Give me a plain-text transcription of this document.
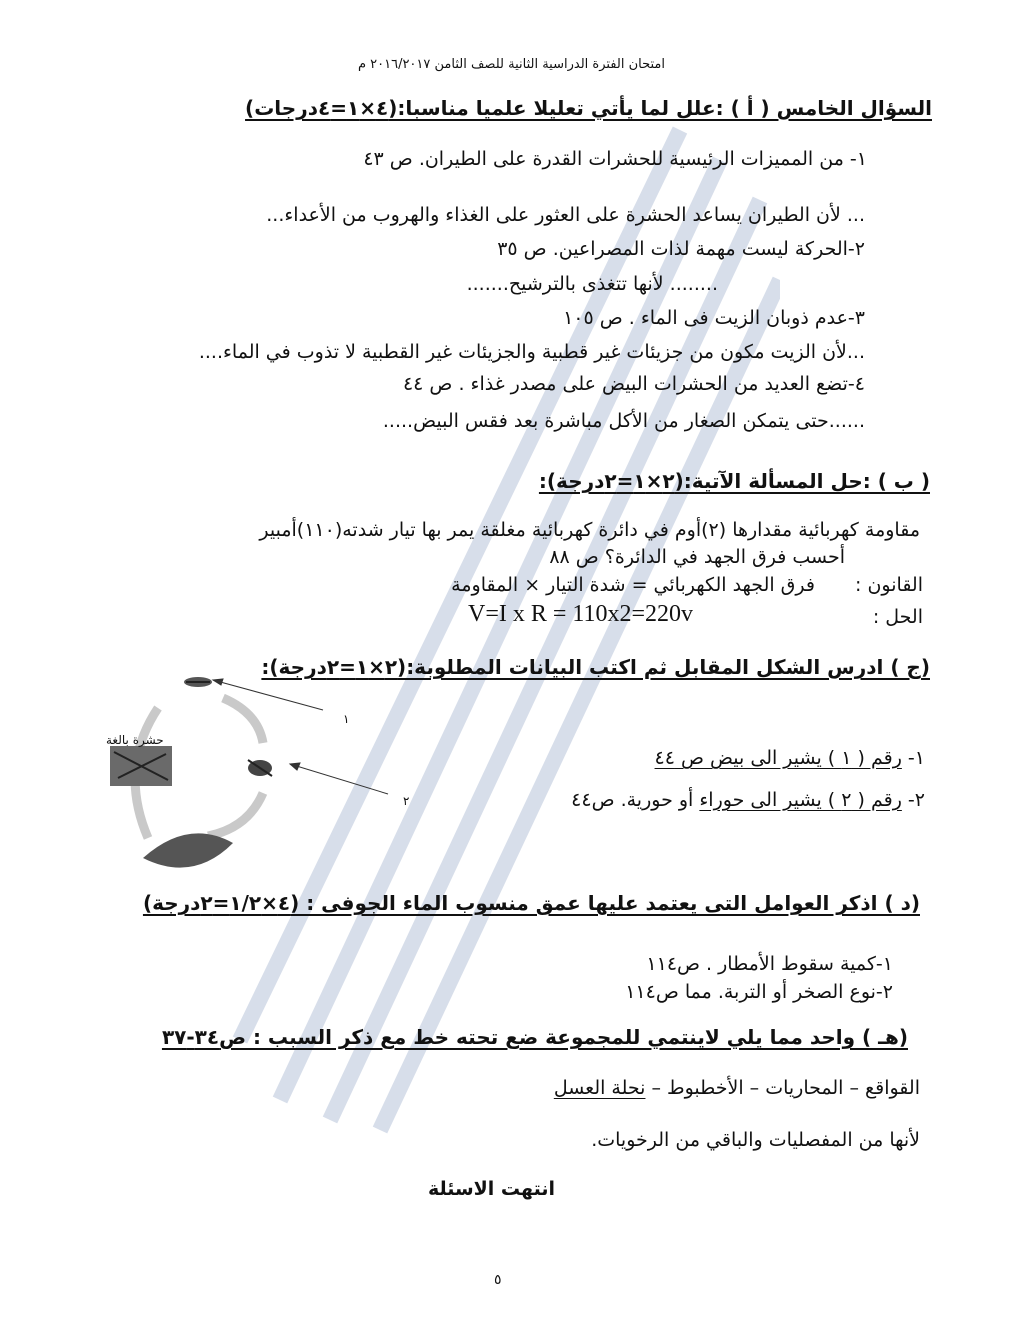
امتحان الفترة الدراسية الثانية للصف الثامن ٢٠١٦/٢٠١٧ م
السؤال الخامس ( أ ) :علل لما يأتي تعليلا علميا مناسبا:(٤×١=٤درجات)
١- من المميزات الرئيسية للحشرات القدرة على الطيران. ص ٤٣
... لأن الطيران يساعد الحشرة على العثور على الغذاء والهروب من الأعداء...
٢-الحركة ليست مهمة لذات المصراعين. ص ٣٥
........ لأنها تتغذى بالترشيح.......
٣-عدم ذوبان الزيت فى الماء . ص ١٠٥
...لأن الزيت مكون من جزيئات غير قطبية والجزيئات غير القطبية لا تذوب في الماء....
٤-تضع العديد من الحشرات البيض على مصدر غذاء . ص ٤٤
......حتى يتمكن الصغار من الأكل مباشرة بعد فقس البيض.....
( ب ) :حل المسألة الآتية:(٢×١=٢درجة):
مقاومة كهربائية مقدارها (٢)أوم في دائرة كهربائية مغلقة يمر بها تيار شدته(١١٠)أمبير
أحسب فرق الجهد في الدائرة؟ ص ٨٨
القانون :
فرق الجهد الكهربائي = شدة التيار × المقاومة
الحل :
V=I x R = 110x2=220v
(ج ) ادرس الشكل المقابل ثم اكتب البيانات المطلوبة:(٢×١=٢درجة):
١
٢
حشرة بالغة
١- رقم ( ١ ) يشير الى بيض ص ٤٤
٢- رقم ( ٢ ) يشير الى حوراء أو حورية. ص٤٤
(د ) اذكر العوامل التى يعتمد عليها عمق منسوب الماء الجوفى : (٤×١/٢=٢درجة)
١-كمية سقوط الأمطار . ص١١٤
٢-نوع الصخر أو التربة. مما ص١١٤
(هـ ) واحد مما يلي لاينتمي للمجموعة ضع تحته خط مع ذكر السبب : ص٣٤-٣٧
القواقع – المحاريات – الأخطبوط – نحلة العسل
لأنها من المفصليات والباقي من الرخويات.
انتهت الاسئلة
٥
